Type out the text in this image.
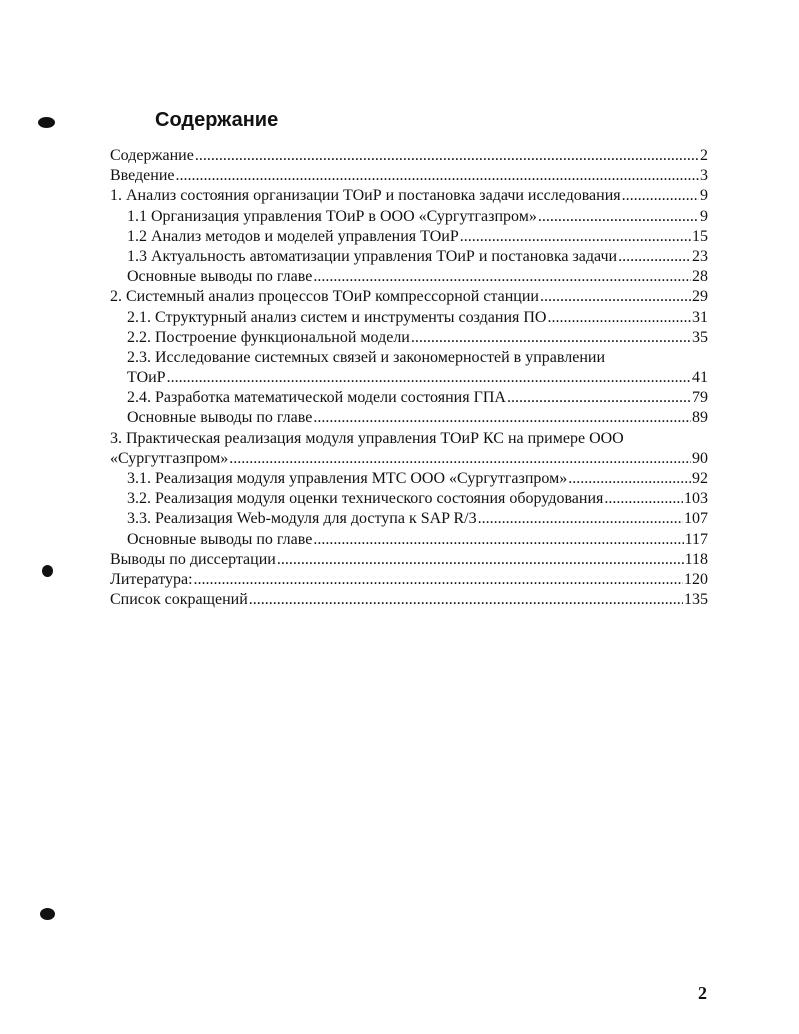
Содержание
Содержание . . .	2
Введение . . .	3
1. Анализ состояния организации ТОиР и постановка задачи исследования . . .	9
1.1 Организация управления ТОиР в ООО «Сургутгазпром» . . .	9
1.2 Анализ методов и моделей управления ТОиР . . .	15
1.3 Актуальность автоматизации управления ТОиР и постановка задачи . . .	23
Основные выводы по главе . . .	28
2. Системный анализ процессов ТОиР компрессорной станции . . .	29
2.1. Структурный анализ систем и инструменты создания ПО . . .	31
2.2. Построение функциональной модели . . .	35
2.3. Исследование системных связей и закономерностей в управлении
ТОиР . . .	41
2.4. Разработка математической модели состояния ГПА . . .	79
Основные выводы по главе . . .	89
3. Практическая реализация модуля управления ТОиР КС на примере ООО
«Сургутгазпром» . . .	90
3.1. Реализация модуля управления МТС ООО «Сургутгазпром» . . .	92
3.2. Реализация модуля оценки технического состояния оборудования . . .	103
3.3. Реализация Web-модуля для доступа к SAP R/3 . . .	107
Основные выводы по главе . . .	117
Выводы по диссертации . . .	118
Литература: . . .	120
Список сокращений . . .	135
2
